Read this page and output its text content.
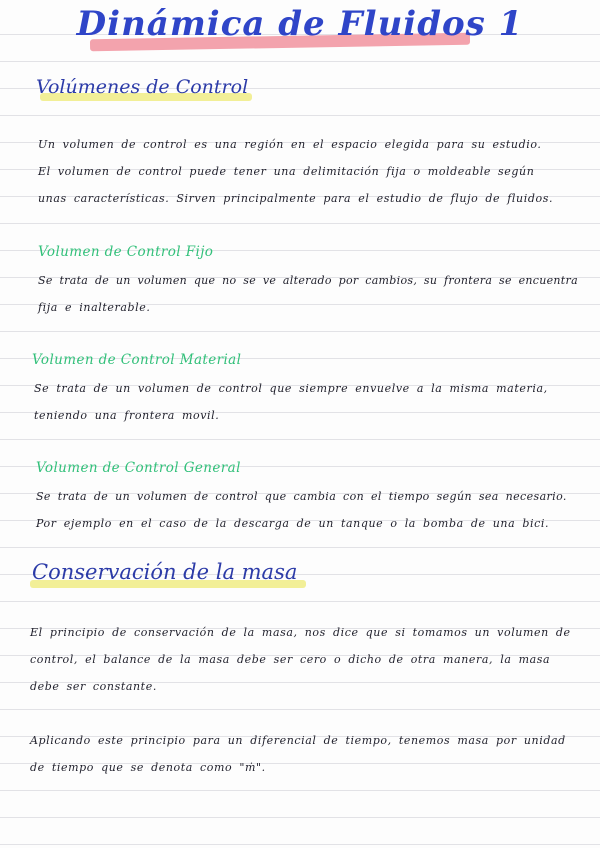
Dinámica de Fluidos 1
Volúmenes de Control
Un volumen de control es una región en el espacio elegida para su estudio.
El volumen de control puede tener una delimitación fija o moldeable según
unas características. Sirven principalmente para el estudio de flujo de fluidos.
Volumen de Control Fijo
Se trata de un volumen que no se ve alterado por cambios, su frontera se encuentra
fija e inalterable.
Volumen de Control Material
Se trata de un volumen de control que siempre envuelve a la misma materia,
teniendo una frontera movil.
Volumen de Control General
Se trata de un volumen de control que cambia con el tiempo según sea necesario.
Por ejemplo en el caso de la descarga de un tanque o la bomba de una bici.
Conservación de la masa
El principio de conservación de la masa, nos dice que si tomamos un volumen de
control, el balance de la masa debe ser cero o dicho de otra manera, la masa
debe ser constante.
Aplicando este principio para un diferencial de tiempo, tenemos masa por unidad
de tiempo que se denota como "ṁ".
